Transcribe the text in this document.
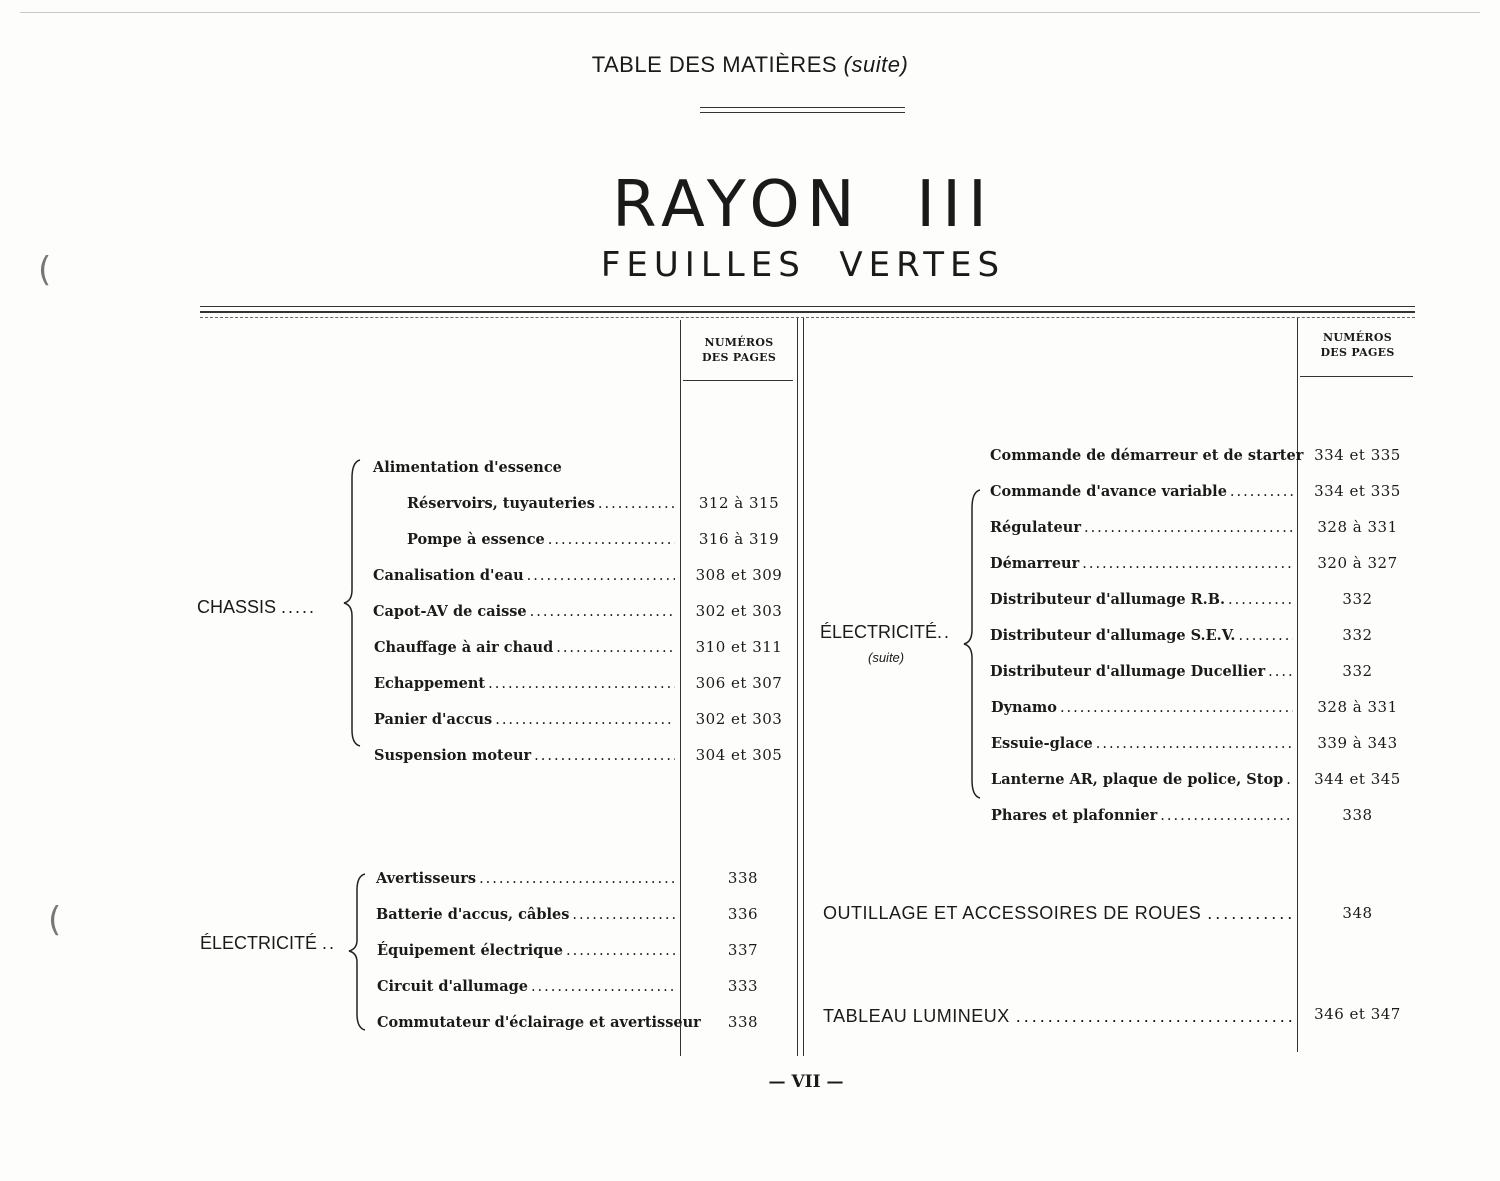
TABLE DES MATIÈRES (suite)
RAYON  III
FEUILLES  VERTES
(
(
NUMÉROS
DES PAGES
NUMÉROS
DES PAGES
CHASSIS .....
Alimentation d'essence
Réservoirs, tuyauteries .....	312 à 315
Pompe à essence .....	316 à 319
Canalisation d'eau .....	308 et 309
Capot-AV de caisse .....	302 et 303
Chauffage à air chaud .....	310 et 311
Echappement .....	306 et 307
Panier d'accus .....	302 et 303
Suspension moteur .....	304 et 305
ÉLECTRICITÉ ..
Avertisseurs .....	338
Batterie d'accus, câbles .....	336
Équipement électrique .....	337
Circuit d'allumage .....	333
Commutateur d'éclairage et avertisseur	338
ÉLECTRICITÉ..
(suite)
Commande de démarreur et de starter 334 et 335
Commande d'avance variable .....	334 et 335
Régulateur .....	328 à 331
Démarreur .....	320 à 327
Distributeur d'allumage R.B. .....	332
Distributeur d'allumage S.E.V. .....	332
Distributeur d'allumage Ducellier .....	332
Dynamo .....	328 à 331
Essuie-glace .....	339 à 343
Lanterne AR, plaque de police, Stop .....	344 et 345
Phares et plafonnier .....	338
OUTILLAGE ET ACCESSOIRES DE ROUES .....	348
TABLEAU LUMINEUX .....	346 et 347
— VII —
